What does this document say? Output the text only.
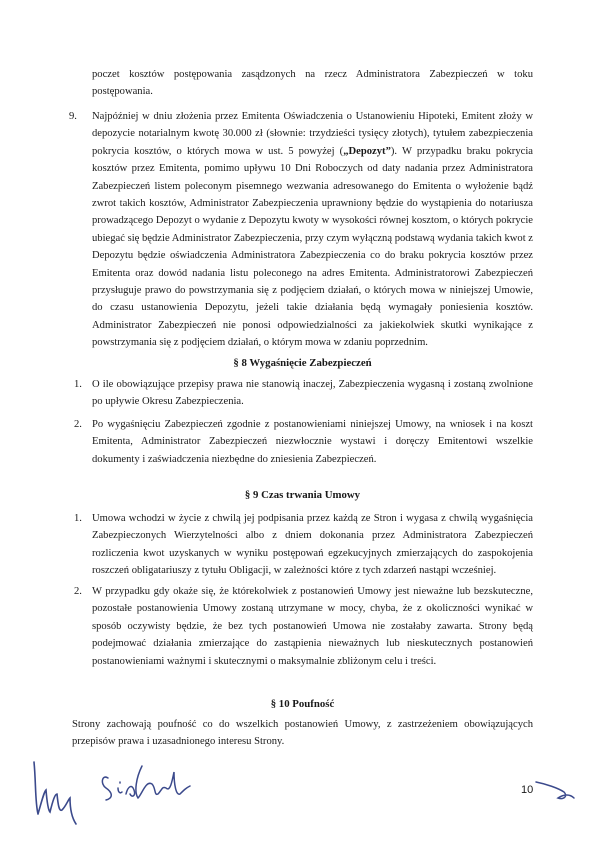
poczet kosztów postępowania zasądzonych na rzecz Administratora Zabezpieczeń w toku postępowania.
9. Najpóźniej w dniu złożenia przez Emitenta Oświadczenia o Ustanowieniu Hipoteki, Emitent złoży w depozycie notarialnym kwotę 30.000 zł (słownie: trzydzieści tysięcy złotych), tytułem zabezpieczenia pokrycia kosztów, o których mowa w ust. 5 powyżej („Depozyt”). W przypadku braku pokrycia kosztów przez Emitenta, pomimo upływu 10 Dni Roboczych od daty nadania przez Administratora Zabezpieczeń listem poleconym pisemnego wezwania adresowanego do Emitenta o wyłożenie bądź zwrot takich kosztów, Administrator Zabezpieczenia uprawniony będzie do wystąpienia do notariusza prowadzącego Depozyt o wydanie z Depozytu kwoty w wysokości równej kosztom, o których pokrycie ubiegać się będzie Administrator Zabezpieczenia, przy czym wyłączną podstawą wydania takich kwot z Depozytu będzie oświadczenia Administratora Zabezpieczenia co do braku pokrycia kosztów przez Emitenta oraz dowód nadania listu poleconego na adres Emitenta. Administratorowi Zabezpieczeń przysługuje prawo do powstrzymania się z podjęciem działań, o których mowa w niniejszej Umowie, do czasu ustanowienia Depozytu, jeżeli takie działania będą wymagały poniesienia kosztów. Administrator Zabezpieczeń nie ponosi odpowiedzialności za jakiekolwiek skutki wynikające z powstrzymania się z podjęciem działań, o którym mowa w zdaniu poprzednim.
§ 8 Wygaśnięcie Zabezpieczeń
1. O ile obowiązujące przepisy prawa nie stanowią inaczej, Zabezpieczenia wygasną i zostaną zwolnione po upływie Okresu Zabezpieczenia.
2. Po wygaśnięciu Zabezpieczeń zgodnie z postanowieniami niniejszej Umowy, na wniosek i na koszt Emitenta, Administrator Zabezpieczeń niezwłocznie wystawi i doręczy Emitentowi wszelkie dokumenty i zaświadczenia niezbędne do zniesienia Zabezpieczeń.
§ 9 Czas trwania Umowy
1. Umowa wchodzi w życie z chwilą jej podpisania przez każdą ze Stron i wygasa z chwilą wygaśnięcia Zabezpieczonych Wierzytelności albo z dniem dokonania przez Administratora Zabezpieczeń rozliczenia kwot uzyskanych w wyniku postępowań egzekucyjnych zmierzających do zaspokojenia roszczeń obligatariuszy z tytułu Obligacji, w zależności które z tych zdarzeń nastąpi wcześniej.
2. W przypadku gdy okaże się, że którekolwiek z postanowień Umowy jest nieważne lub bezskuteczne, pozostałe postanowienia Umowy zostaną utrzymane w mocy, chyba, że z okoliczności wynikać w sposób oczywisty będzie, że bez tych postanowień Umowa nie zostałaby zawarta. Strony będą podejmować działania zmierzające do zastąpienia nieważnych lub nieskutecznych postanowień postanowieniami ważnymi i skutecznymi o maksymalnie zbliżonym celu i treści.
§ 10 Poufność
Strony zachowają poufność co do wszelkich postanowień Umowy, z zastrzeżeniem obowiązujących przepisów prawa i uzasadnionego interesu Strony.
10
